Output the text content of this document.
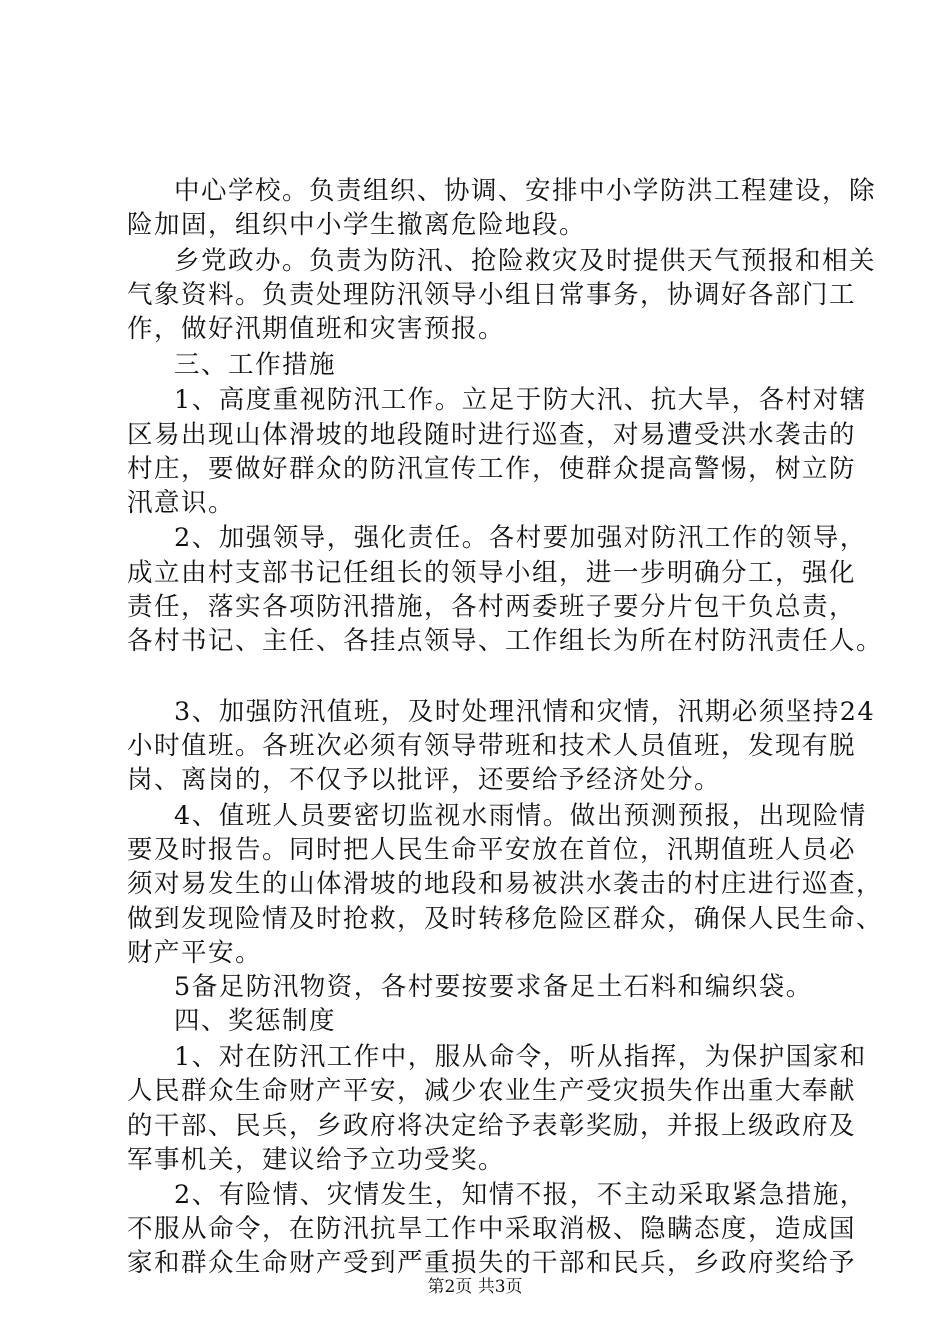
中心学校。负责组织、协调、安排中小学防洪工程建设，除
险加固，组织中小学生撤离危险地段。
乡党政办。负责为防汛、抢险救灾及时提供天气预报和相关
气象资料。负责处理防汛领导小组日常事务，协调好各部门工
作，做好汛期值班和灾害预报。
三、工作措施
1、高度重视防汛工作。立足于防大汛、抗大旱，各村对辖
区易出现山体滑坡的地段随时进行巡查，对易遭受洪水袭击的
村庄，要做好群众的防汛宣传工作，使群众提高警惕，树立防
汛意识。
2、加强领导，强化责任。各村要加强对防汛工作的领导，
成立由村支部书记任组长的领导小组，进一步明确分工，强化
责任，落实各项防汛措施，各村两委班子要分片包干负总责，
各村书记、主任、各挂点领导、工作组长为所在村防汛责任人。
3、加强防汛值班，及时处理汛情和灾情，汛期必须坚持24
小时值班。各班次必须有领导带班和技术人员值班，发现有脱
岗、离岗的，不仅予以批评，还要给予经济处分。
4、值班人员要密切监视水雨情。做出预测预报，出现险情
要及时报告。同时把人民生命平安放在首位，汛期值班人员必
须对易发生的山体滑坡的地段和易被洪水袭击的村庄进行巡查，
做到发现险情及时抢救，及时转移危险区群众，确保人民生命、
财产平安。
5备足防汛物资，各村要按要求备足土石料和编织袋。
四、奖惩制度
1、对在防汛工作中，服从命令，听从指挥，为保护国家和
人民群众生命财产平安，减少农业生产受灾损失作出重大奉献
的干部、民兵，乡政府将决定给予表彰奖励，并报上级政府及
军事机关，建议给予立功受奖。
2、有险情、灾情发生，知情不报，不主动采取紧急措施，
不服从命令，在防汛抗旱工作中采取消极、隐瞒态度，造成国
家和群众生命财产受到严重损失的干部和民兵，乡政府奖给予
第2页 共3页
